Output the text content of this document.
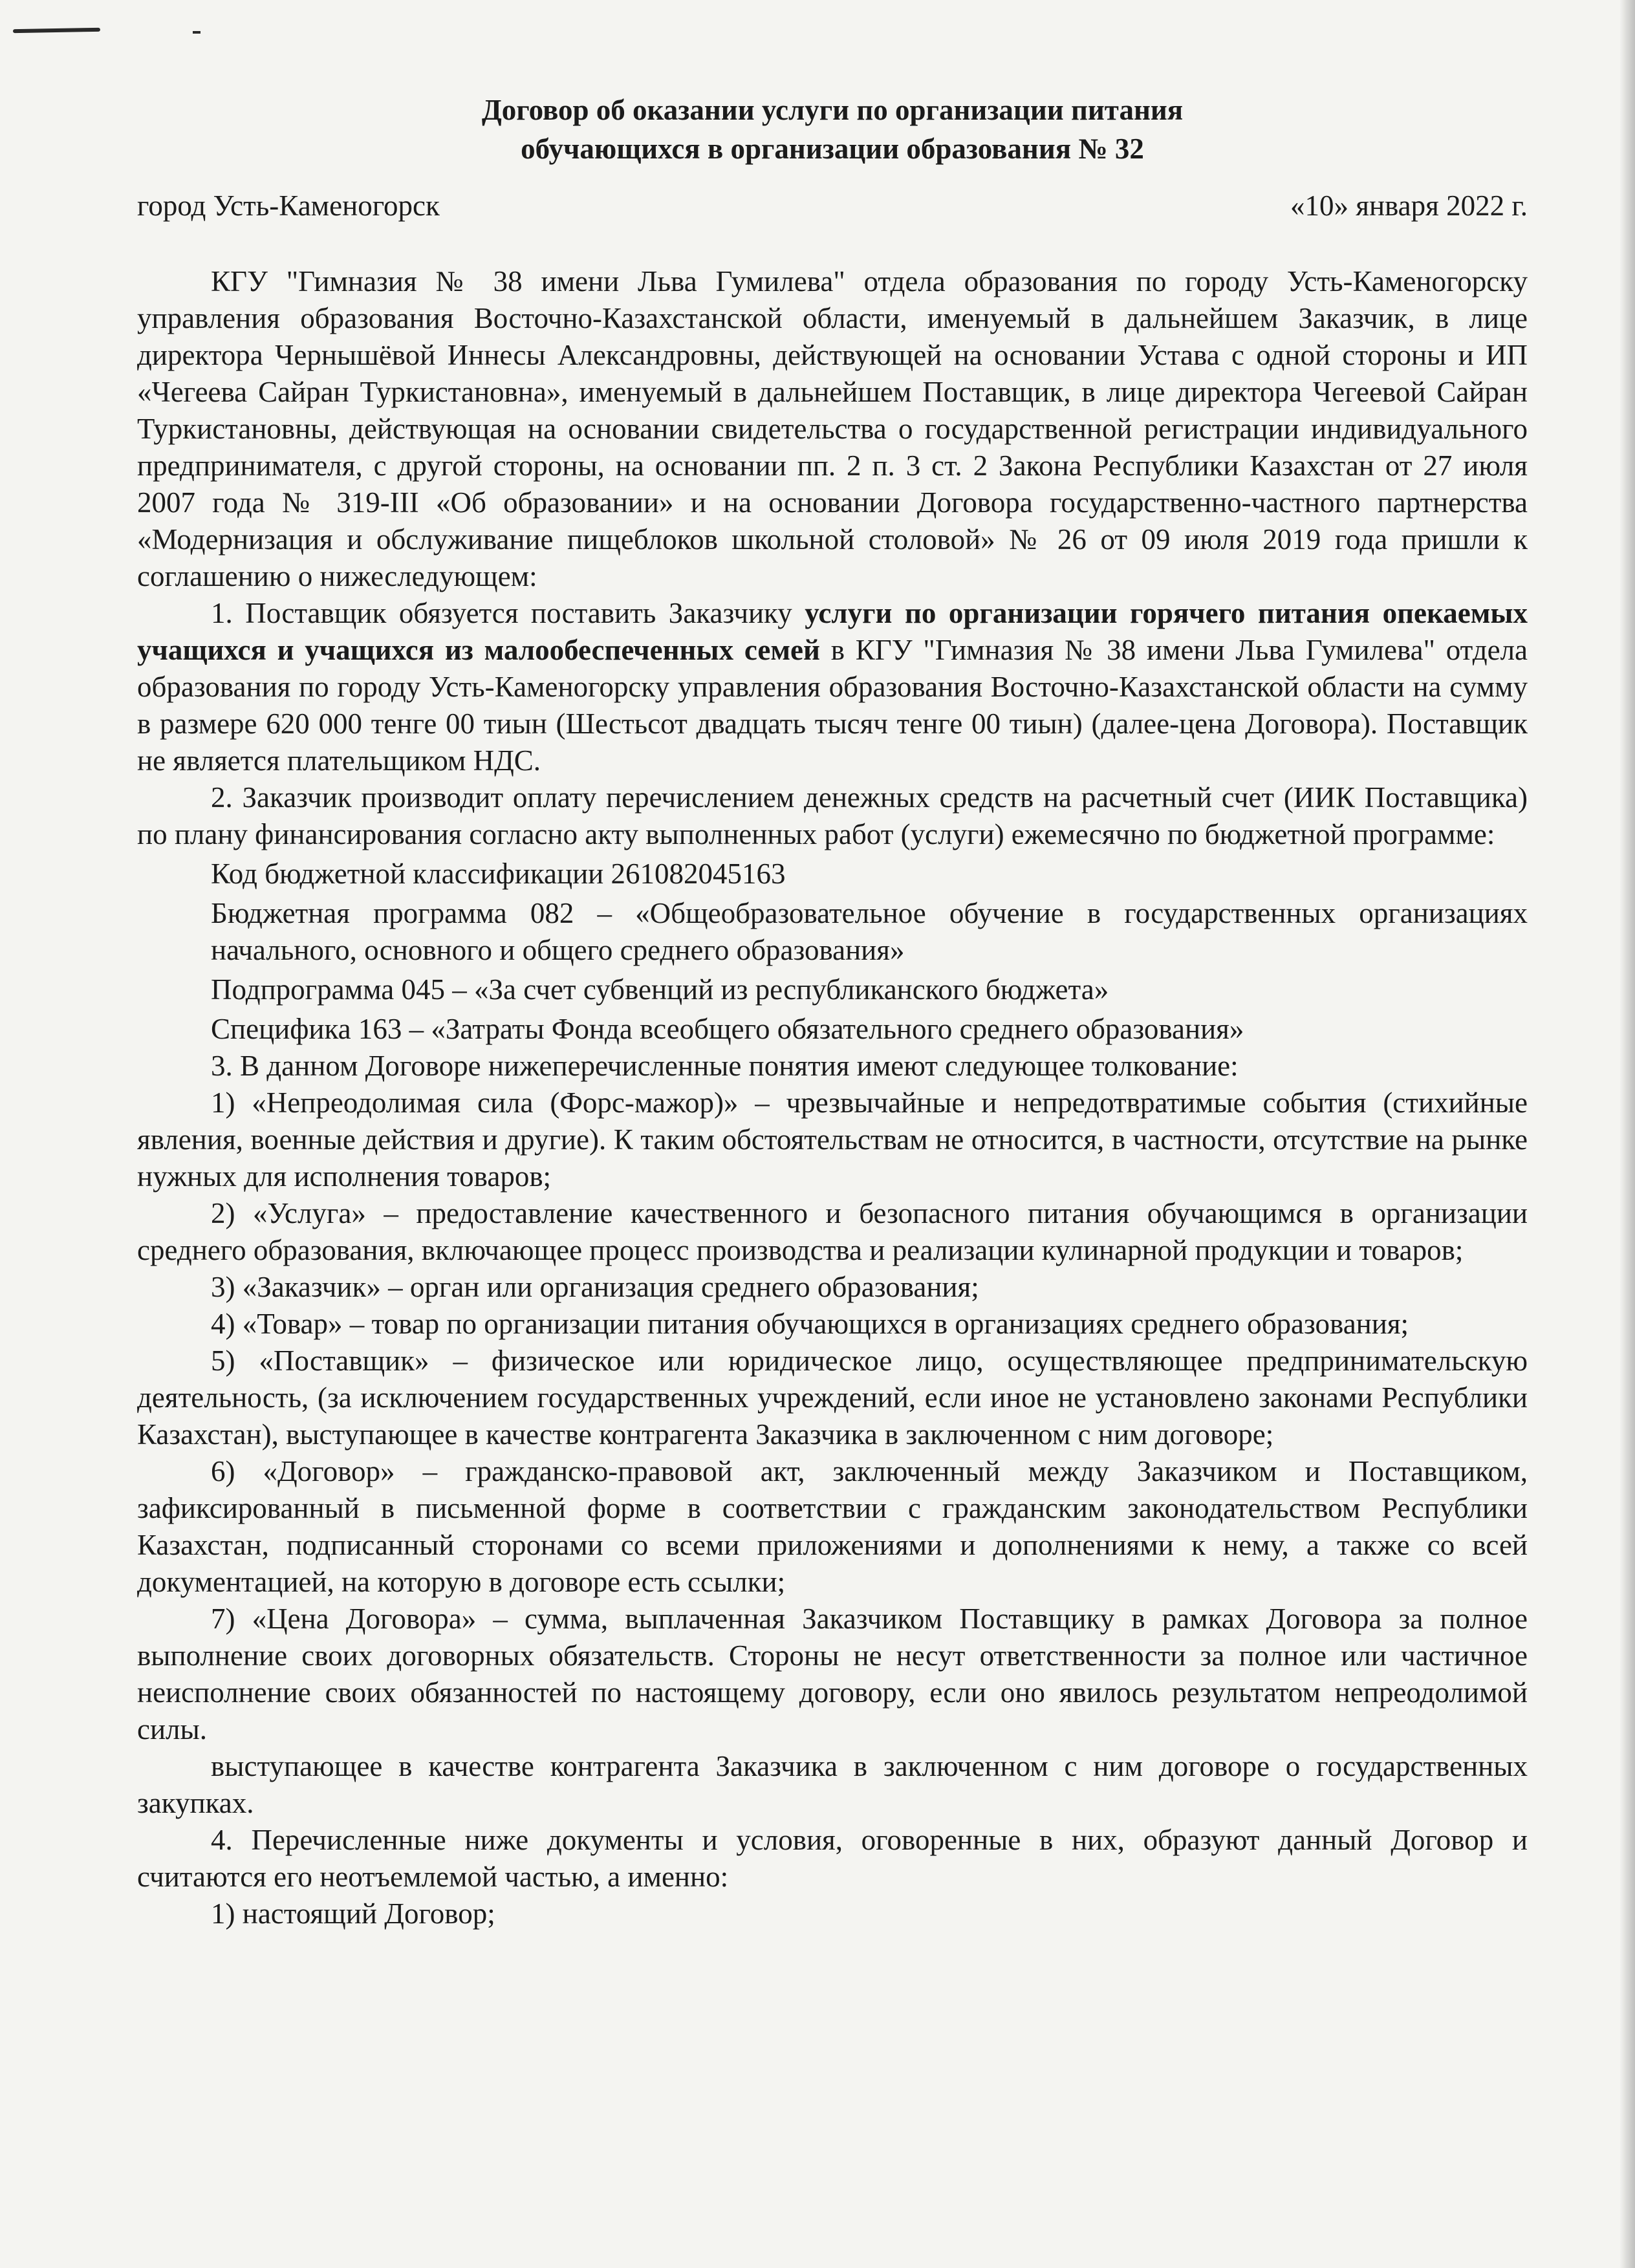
Договор об оказании услуги по организации питания
обучающихся в организации образования № 32
город Усть-Каменогорск	«10» января 2022 г.

КГУ "Гимназия № 38 имени Льва Гумилева" отдела образования по городу Усть-Каменогорску управления образования Восточно-Казахстанской области, именуемый в дальнейшем Заказчик, в лице директора Чернышёвой Иннесы Александровны, действующей на основании Устава с одной стороны и ИП «Чегеева Сайран Туркистановна», именуемый в дальнейшем Поставщик, в лице директора Чегеевой Сайран Туркистановны, действующая на основании свидетельства о государственной регистрации индивидуального предпринимателя, с другой стороны, на основании пп. 2 п. 3 ст. 2 Закона Республики Казахстан от 27 июля 2007 года № 319-III «Об образовании» и на основании Договора государственно-частного партнерства «Модернизация и обслуживание пищеблоков школьной столовой» № 26 от 09 июля 2019 года пришли к соглашению о нижеследующем:

1. Поставщик обязуется поставить Заказчику услуги по организации горячего питания опекаемых учащихся и учащихся из малообеспеченных семей в КГУ "Гимназия № 38 имени Льва Гумилева" отдела образования по городу Усть-Каменогорску управления образования Восточно-Казахстанской области на сумму в размере 620 000 тенге 00 тиын (Шестьсот двадцать тысяч тенге 00 тиын) (далее-цена Договора). Поставщик не является плательщиком НДС.

2. Заказчик производит оплату перечислением денежных средств на расчетный счет (ИИК Поставщика) по плану финансирования согласно акту выполненных работ (услуги) ежемесячно по бюджетной программе:

Код бюджетной классификации 261082045163

Бюджетная программа 082 – «Общеобразовательное обучение в государственных организациях начального, основного и общего среднего образования»

Подпрограмма 045 – «За счет субвенций из республиканского бюджета»

Специфика 163 – «Затраты Фонда всеобщего обязательного среднего образования»

3. В данном Договоре нижеперечисленные понятия имеют следующее толкование:

1) «Непреодолимая сила (Форс-мажор)» – чрезвычайные и непредотвратимые события (стихийные явления, военные действия и другие). К таким обстоятельствам не относится, в частности, отсутствие на рынке нужных для исполнения товаров;

2) «Услуга» – предоставление качественного и безопасного питания обучающимся в организации среднего образования, включающее процесс производства и реализации кулинарной продукции и товаров;

3) «Заказчик» – орган или организация среднего образования;

4) «Товар» – товар по организации питания обучающихся в организациях среднего образования;

5) «Поставщик» – физическое или юридическое лицо, осуществляющее предпринимательскую деятельность, (за исключением государственных учреждений, если иное не установлено законами Республики Казахстан), выступающее в качестве контрагента Заказчика в заключенном с ним договоре;

6) «Договор» – гражданско-правовой акт, заключенный между Заказчиком и Поставщиком, зафиксированный в письменной форме в соответствии с гражданским законодательством Республики Казахстан, подписанный сторонами со всеми приложениями и дополнениями к нему, а также со всей документацией, на которую в договоре есть ссылки;

7) «Цена Договора» – сумма, выплаченная Заказчиком Поставщику в рамках Договора за полное выполнение своих договорных обязательств. Стороны не несут ответственности за полное или частичное неисполнение своих обязанностей по настоящему договору, если оно явилось результатом непреодолимой силы.

выступающее в качестве контрагента Заказчика в заключенном с ним договоре о государственных закупках.

4. Перечисленные ниже документы и условия, оговоренные в них, образуют данный Договор и считаются его неотъемлемой частью, а именно:

1) настоящий Договор;
